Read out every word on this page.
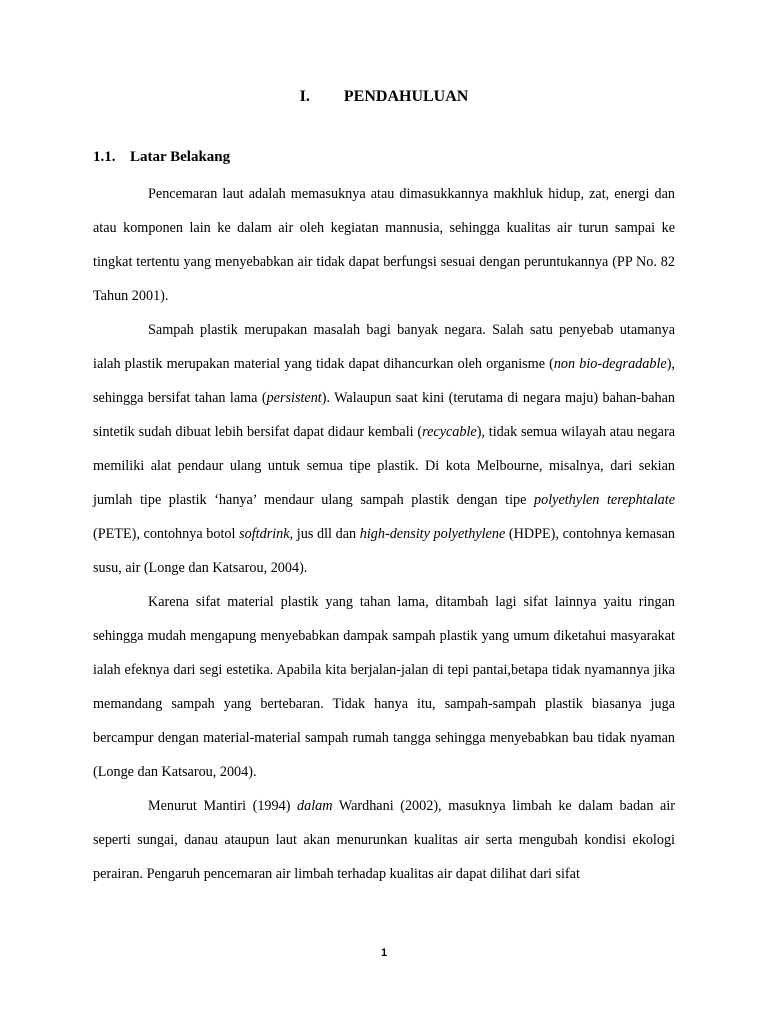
I. PENDAHULUAN
1.1. Latar Belakang

Pencemaran laut adalah memasuknya atau dimasukkannya makhluk hidup, zat, energi dan atau komponen lain ke dalam air oleh kegiatan mannusia, sehingga kualitas air turun sampai ke tingkat tertentu yang menyebabkan air tidak dapat berfungsi sesuai dengan peruntukannya (PP No. 82 Tahun 2001).

Sampah plastik merupakan masalah bagi banyak negara. Salah satu penyebab utamanya ialah plastik merupakan material yang tidak dapat dihancurkan oleh organisme (non bio-degradable), sehingga bersifat tahan lama (persistent). Walaupun saat kini (terutama di negara maju) bahan-bahan sintetik sudah dibuat lebih bersifat dapat didaur kembali (recycable), tidak semua wilayah atau negara memiliki alat pendaur ulang untuk semua tipe plastik. Di kota Melbourne, misalnya, dari sekian jumlah tipe plastik ‘hanya’ mendaur ulang sampah plastik dengan tipe polyethylen terephtalate (PETE), contohnya botol softdrink, jus dll dan high-density polyethylene (HDPE), contohnya kemasan susu, air (Longe dan Katsarou, 2004).

Karena sifat material plastik yang tahan lama, ditambah lagi sifat lainnya yaitu ringan sehingga mudah mengapung menyebabkan dampak sampah plastik yang umum diketahui masyarakat ialah efeknya dari segi estetika. Apabila kita berjalan-jalan di tepi pantai,betapa tidak nyamannya jika memandang sampah yang bertebaran. Tidak hanya itu, sampah-sampah plastik biasanya juga bercampur dengan material-material sampah rumah tangga sehingga menyebabkan bau tidak nyaman (Longe dan Katsarou, 2004).

Menurut Mantiri (1994) dalam Wardhani (2002), masuknya limbah ke dalam badan air seperti sungai, danau ataupun laut akan menurunkan kualitas air serta mengubah kondisi ekologi perairan. Pengaruh pencemaran air limbah terhadap kualitas air dapat dilihat dari sifat

1
